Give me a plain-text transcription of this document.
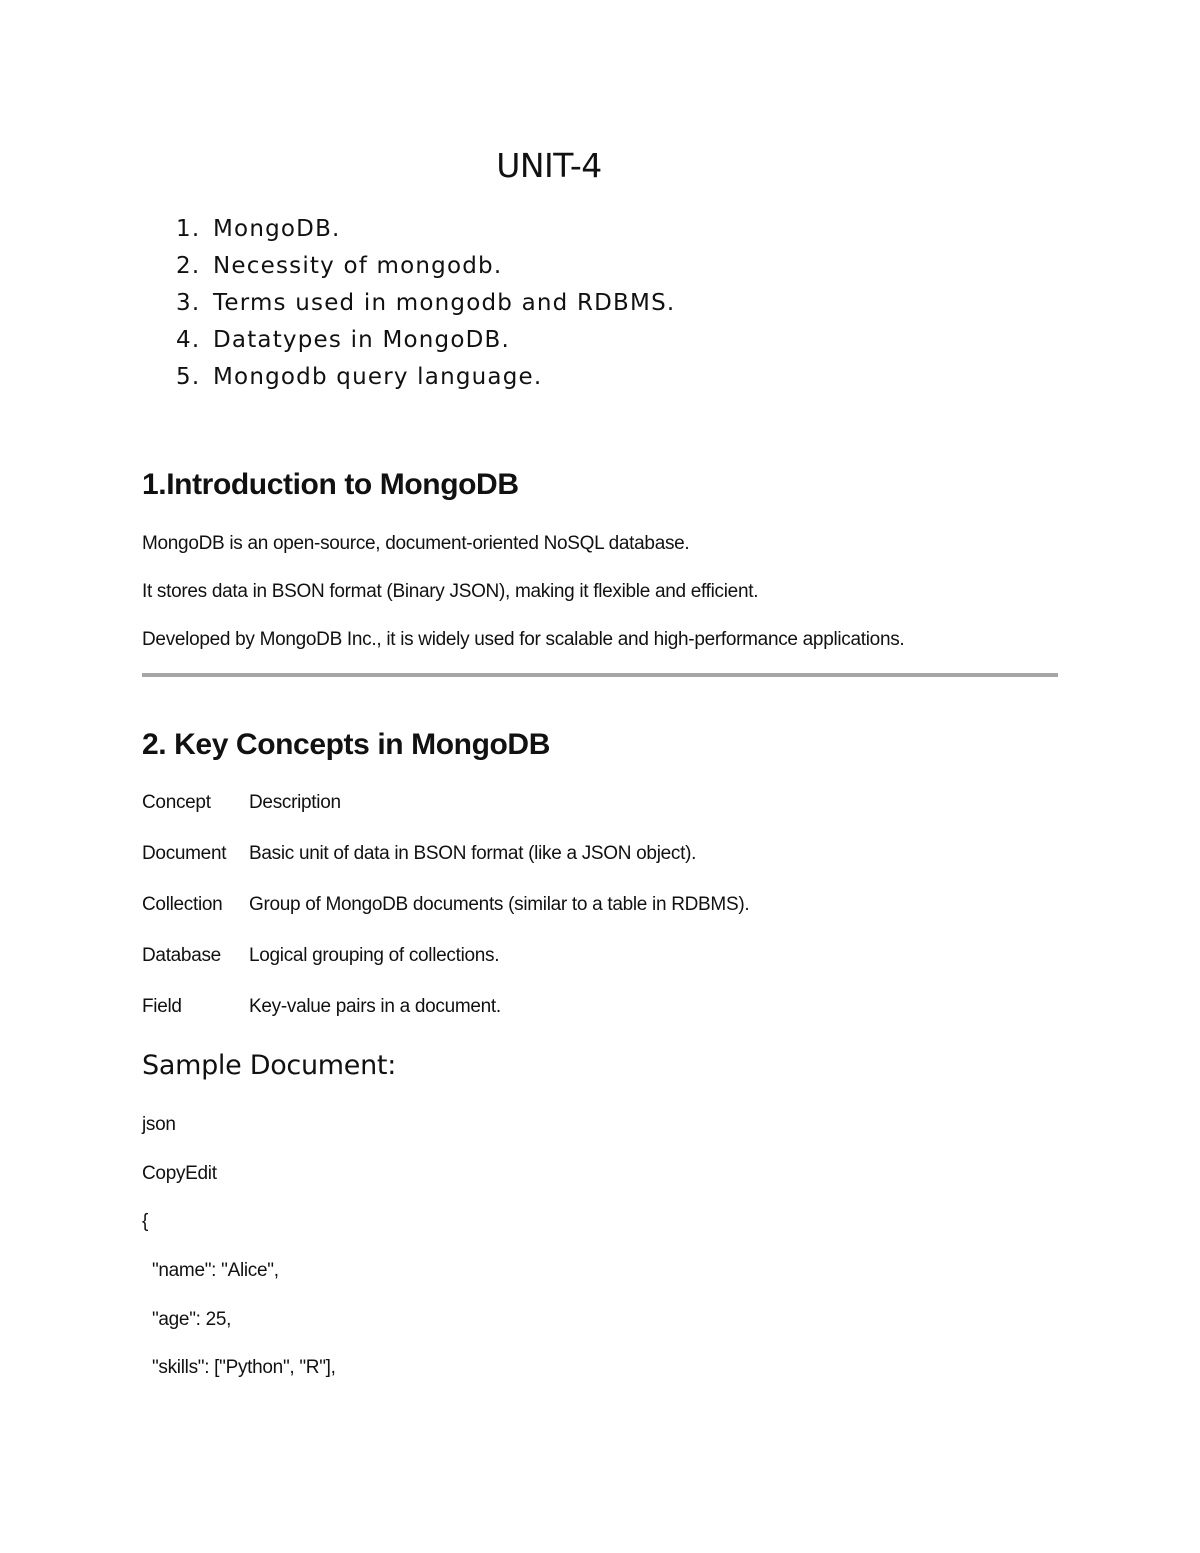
UNIT-4
1. MongoDB.
2. Necessity of mongodb.
3. Terms used in mongodb and RDBMS.
4. Datatypes in MongoDB.
5. Mongodb query language.
1.Introduction to MongoDB
MongoDB is an open-source, document-oriented NoSQL database.
It stores data in BSON format (Binary JSON), making it flexible and efficient.
Developed by MongoDB Inc., it is widely used for scalable and high-performance applications.
2. Key Concepts in MongoDB
Concept Description
Document Basic unit of data in BSON format (like a JSON object).
Collection Group of MongoDB documents (similar to a table in RDBMS).
Database Logical grouping of collections.
Field	Key-value pairs in a document.
Sample Document:
json
CopyEdit
{
"name": "Alice",
"age": 25,
"skills": ["Python", "R"],
